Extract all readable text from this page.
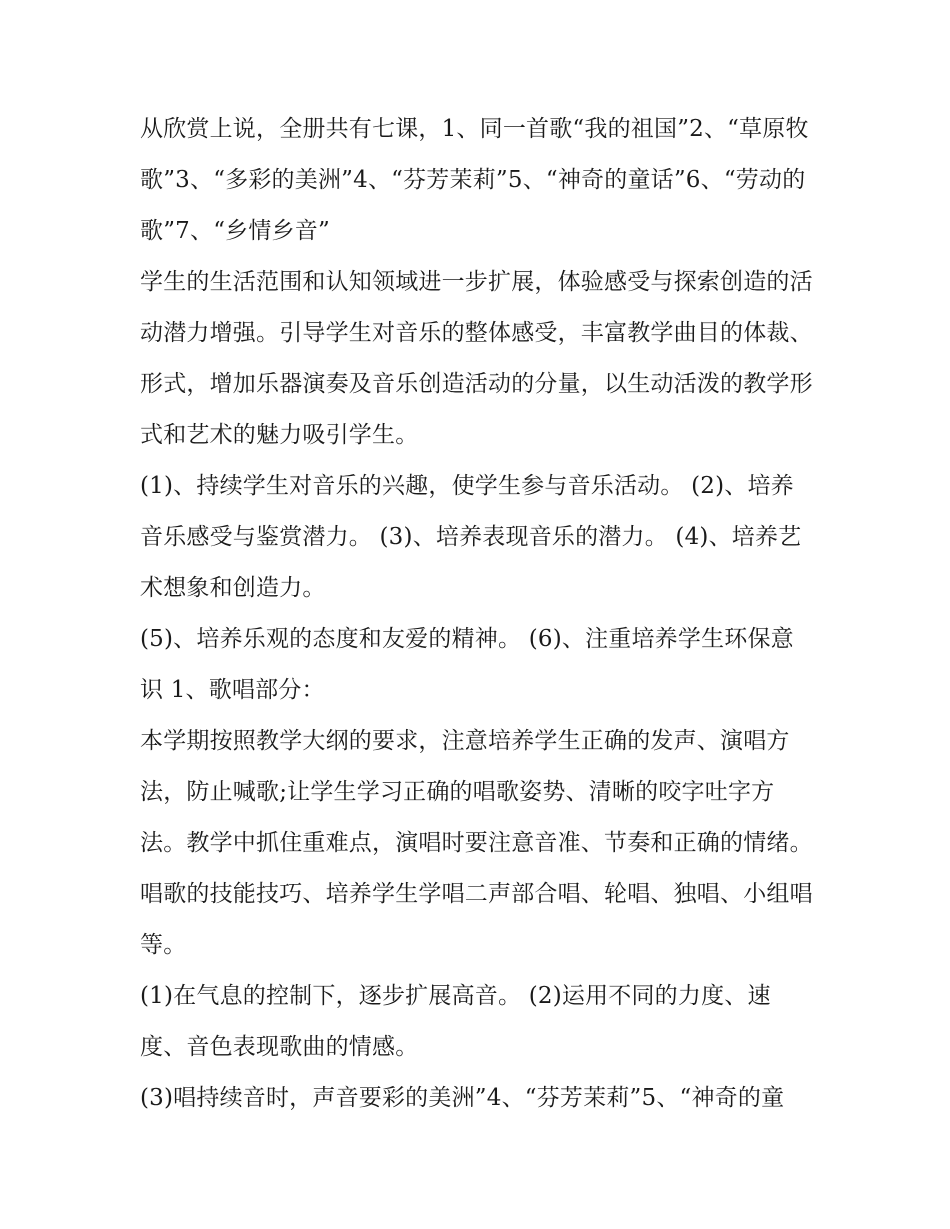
从欣赏上说，全册共有七课，1、同一首歌“我的祖国”2、“草原牧歌”3、“多彩的美洲”4、“芬芳茉莉”5、“神奇的童话”6、“劳动的歌”7、“乡情乡音”

学生的生活范围和认知领域进一步扩展，体验感受与探索创造的活动潜力增强。引导学生对音乐的整体感受，丰富教学曲目的体裁、形式，增加乐器演奏及音乐创造活动的分量，以生动活泼的教学形式和艺术的魅力吸引学生。

(1)、持续学生对音乐的兴趣，使学生参与音乐活动。 (2)、培养音乐感受与鉴赏潜力。 (3)、培养表现音乐的潜力。 (4)、培养艺术想象和创造力。

(5)、培养乐观的态度和友爱的精神。 (6)、注重培养学生环保意识 1、歌唱部分：

本学期按照教学大纲的要求，注意培养学生正确的发声、演唱方法，防止喊歌;让学生学习正确的唱歌姿势、清晰的咬字吐字方法。教学中抓住重难点，演唱时要注意音准、节奏和正确的情绪。唱歌的技能技巧、培养学生学唱二声部合唱、轮唱、独唱、小组唱等。

(1)在气息的控制下，逐步扩展高音。 (2)运用不同的力度、速度、音色表现歌曲的情感。

(3)唱持续音时，声音要彩的美洲”4、“芬芳茉莉”5、“神奇的童
